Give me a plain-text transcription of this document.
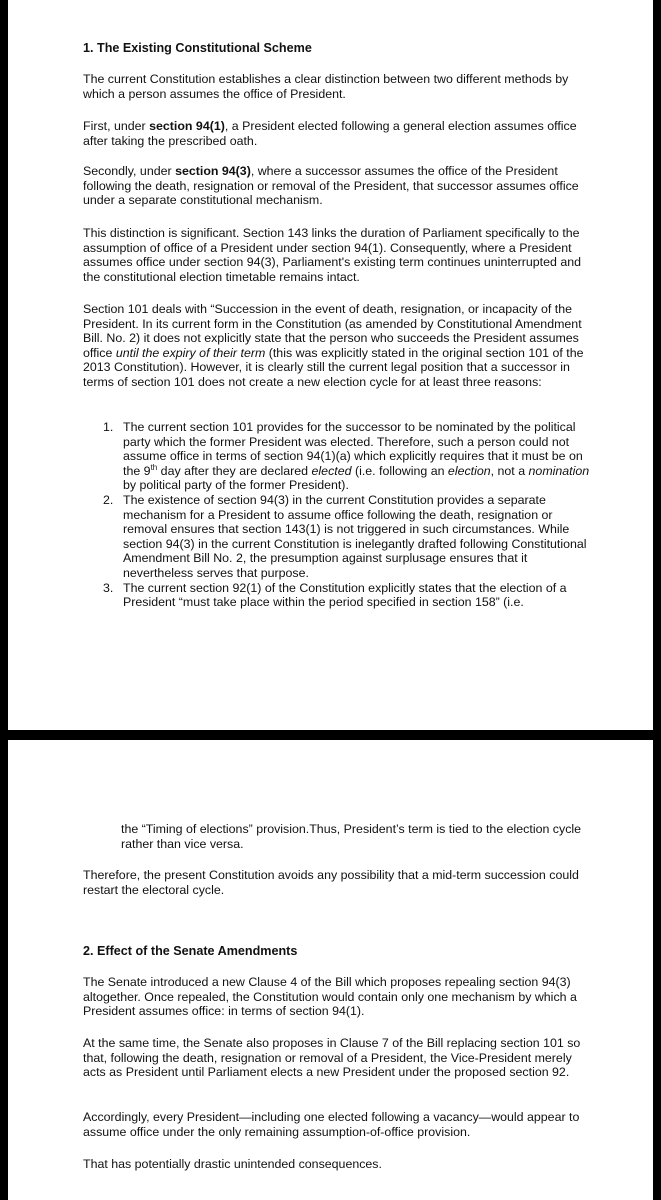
1. The Existing Constitutional Scheme

The current Constitution establishes a clear distinction between two different methods by which a person assumes the office of President.

First, under section 94(1), a President elected following a general election assumes office after taking the prescribed oath.

Secondly, under section 94(3), where a successor assumes the office of the President following the death, resignation or removal of the President, that successor assumes office under a separate constitutional mechanism.

This distinction is significant. Section 143 links the duration of Parliament specifically to the assumption of office of a President under section 94(1). Consequently, where a President assumes office under section 94(3), Parliament's existing term continues uninterrupted and the constitutional election timetable remains intact.

Section 101 deals with “Succession in the event of death, resignation, or incapacity of the President. In its current form in the Constitution (as amended by Constitutional Amendment Bill. No. 2) it does not explicitly state that the person who succeeds the President assumes office until the expiry of their term (this was explicitly stated in the original section 101 of the 2013 Constitution). However, it is clearly still the current legal position that a successor in terms of section 101 does not create a new election cycle for at least three reasons:

1. The current section 101 provides for the successor to be nominated by the political party which the former President was elected. Therefore, such a person could not assume office in terms of section 94(1)(a) which explicitly requires that it must be on the 9th day after they are declared elected (i.e. following an election, not a nomination by political party of the former President).
2. The existence of section 94(3) in the current Constitution provides a separate mechanism for a President to assume office following the death, resignation or removal ensures that section 143(1) is not triggered in such circumstances. While section 94(3) in the current Constitution is inelegantly drafted following Constitutional Amendment Bill No. 2, the presumption against surplusage ensures that it nevertheless serves that purpose.
3. The current section 92(1) of the Constitution explicitly states that the election of a President “must take place within the period specified in section 158” (i.e.

the “Timing of elections” provision.Thus, President’s term is tied to the election cycle rather than vice versa.

Therefore, the present Constitution avoids any possibility that a mid-term succession could restart the electoral cycle.

2. Effect of the Senate Amendments

The Senate introduced a new Clause 4 of the Bill which proposes repealing section 94(3) altogether. Once repealed, the Constitution would contain only one mechanism by which a President assumes office: in terms of section 94(1).

At the same time, the Senate also proposes in Clause 7 of the Bill replacing section 101 so that, following the death, resignation or removal of a President, the Vice-President merely acts as President until Parliament elects a new President under the proposed section 92.

Accordingly, every President—including one elected following a vacancy—would appear to assume office under the only remaining assumption-of-office provision.

That has potentially drastic unintended consequences.
